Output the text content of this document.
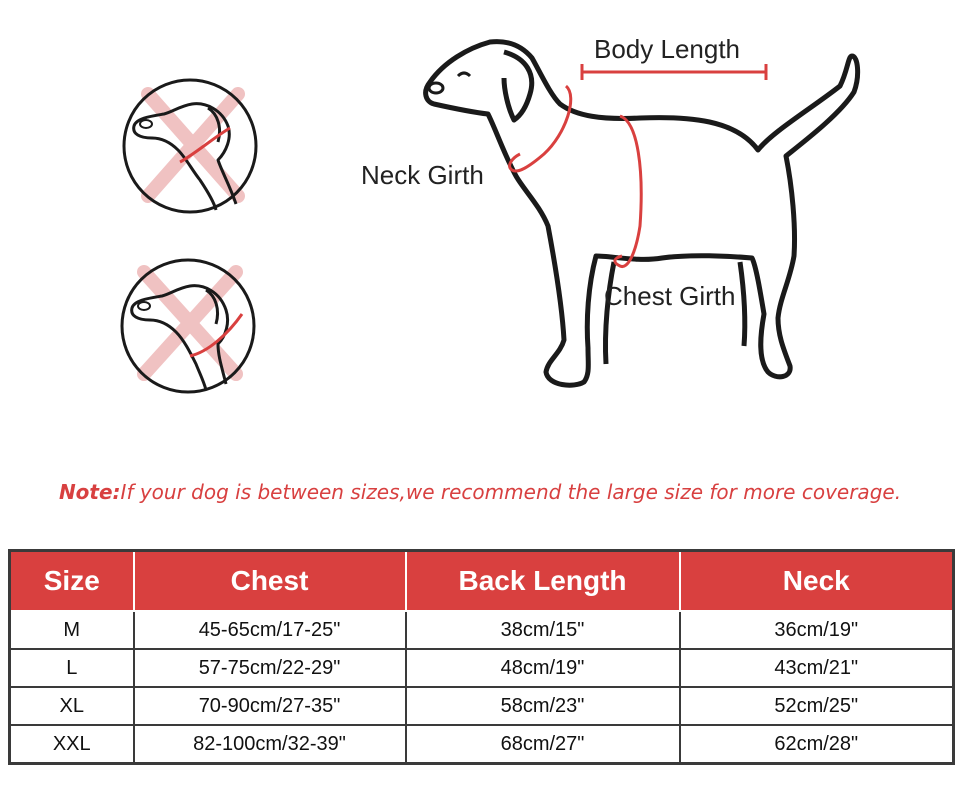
Body Length
Neck Girth
Chest Girth
Note:If your dog is between sizes,we recommend the large size for more coverage.
Size	Chest	Back Length	Neck
M	45-65cm/17-25"	38cm/15"	36cm/19"
L	57-75cm/22-29"	48cm/19"	43cm/21"
XL	70-90cm/27-35"	58cm/23"	52cm/25"
XXL	82-100cm/32-39"	68cm/27"	62cm/28"
